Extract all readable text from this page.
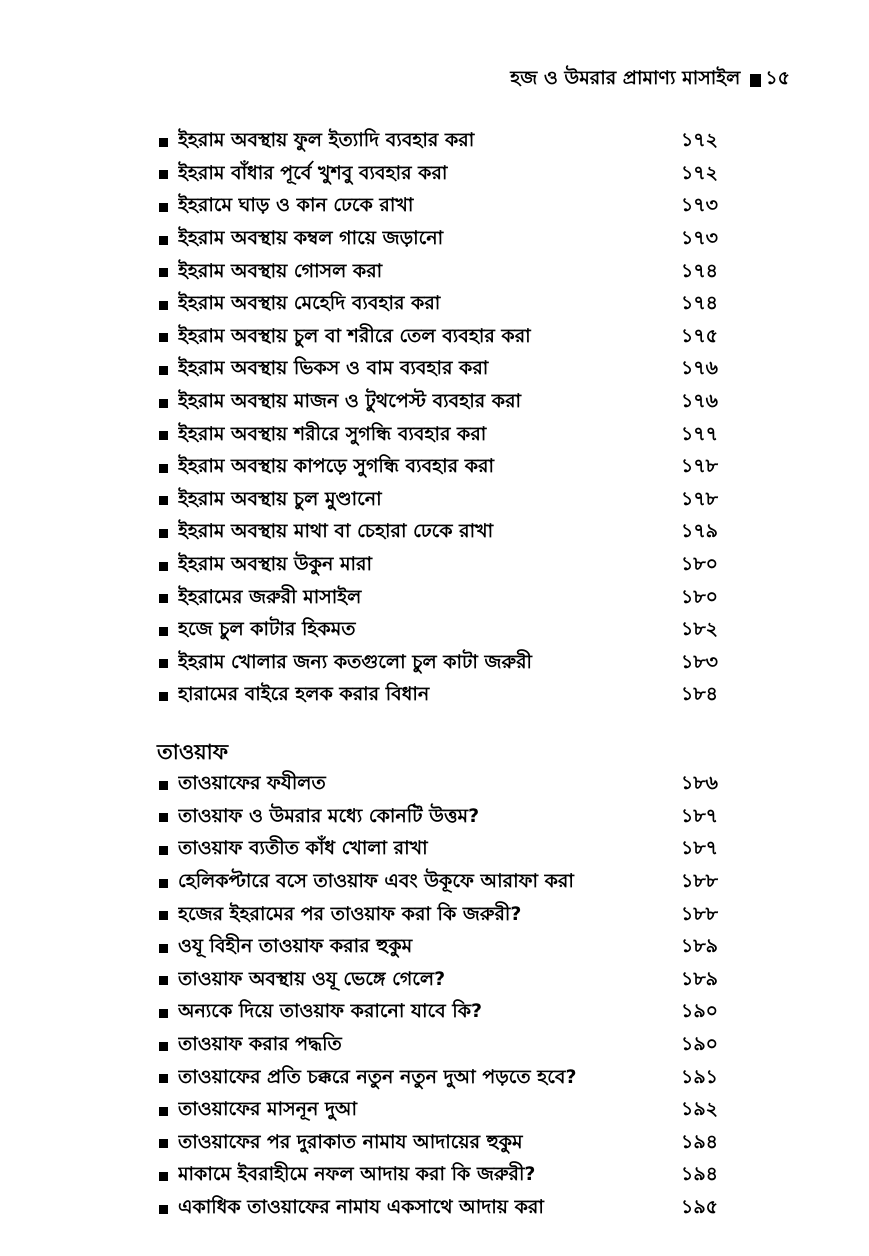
হজ ও উমরার প্রামাণ্য মাসাইল ১৫
ইহরাম অবস্থায় ফুল ইত্যাদি ব্যবহার করা	১৭২
ইহরাম বাঁধার পূর্বে খুশবু ব্যবহার করা	১৭২
ইহরামে ঘাড় ও কান ঢেকে রাখা	১৭৩
ইহরাম অবস্থায় কম্বল গায়ে জড়ানো	১৭৩
ইহরাম অবস্থায় গোসল করা	১৭৪
ইহরাম অবস্থায় মেহেদি ব্যবহার করা	১৭৪
ইহরাম অবস্থায় চুল বা শরীরে তেল ব্যবহার করা	১৭৫
ইহরাম অবস্থায় ভিকস ও বাম ব্যবহার করা	১৭৬
ইহরাম অবস্থায় মাজন ও টুথপেস্ট ব্যবহার করা	১৭৬
ইহরাম অবস্থায় শরীরে সুগন্ধি ব্যবহার করা	১৭৭
ইহরাম অবস্থায় কাপড়ে সুগন্ধি ব্যবহার করা	১৭৮
ইহরাম অবস্থায় চুল মুণ্ডানো	১৭৮
ইহরাম অবস্থায় মাথা বা চেহারা ঢেকে রাখা	১৭৯
ইহরাম অবস্থায় উকুন মারা	১৮০
ইহরামের জরুরী মাসাইল	১৮০
হজে চুল কাটার হিকমত	১৮২
ইহরাম খোলার জন্য কতগুলো চুল কাটা জরুরী	১৮৩
হারামের বাইরে হলক করার বিধান	১৮৪
তাওয়াফ
তাওয়াফের ফযীলত	১৮৬
তাওয়াফ ও উমরার মধ্যে কোনটি উত্তম?	১৮৭
তাওয়াফ ব্যতীত কাঁধ খোলা রাখা	১৮৭
হেলিকপ্টারে বসে তাওয়াফ এবং উকূফে আরাফা করা	১৮৮
হজের ইহরামের পর তাওয়াফ করা কি জরুরী?	১৮৮
ওযূ বিহীন তাওয়াফ করার হুকুম	১৮৯
তাওয়াফ অবস্থায় ওযূ ভেঙ্গে গেলে?	১৮৯
অন্যকে দিয়ে তাওয়াফ করানো যাবে কি?	১৯০
তাওয়াফ করার পদ্ধতি	১৯০
তাওয়াফের প্রতি চক্করে নতুন নতুন দুআ পড়তে হবে?	১৯১
তাওয়াফের মাসনূন দুআ	১৯২
তাওয়াফের পর দুরাকাত নামায আদায়ের হুকুম	১৯৪
মাকামে ইবরাহীমে নফল আদায় করা কি জরুরী?	১৯৪
একাধিক তাওয়াফের নামায একসাথে আদায় করা	১৯৫
